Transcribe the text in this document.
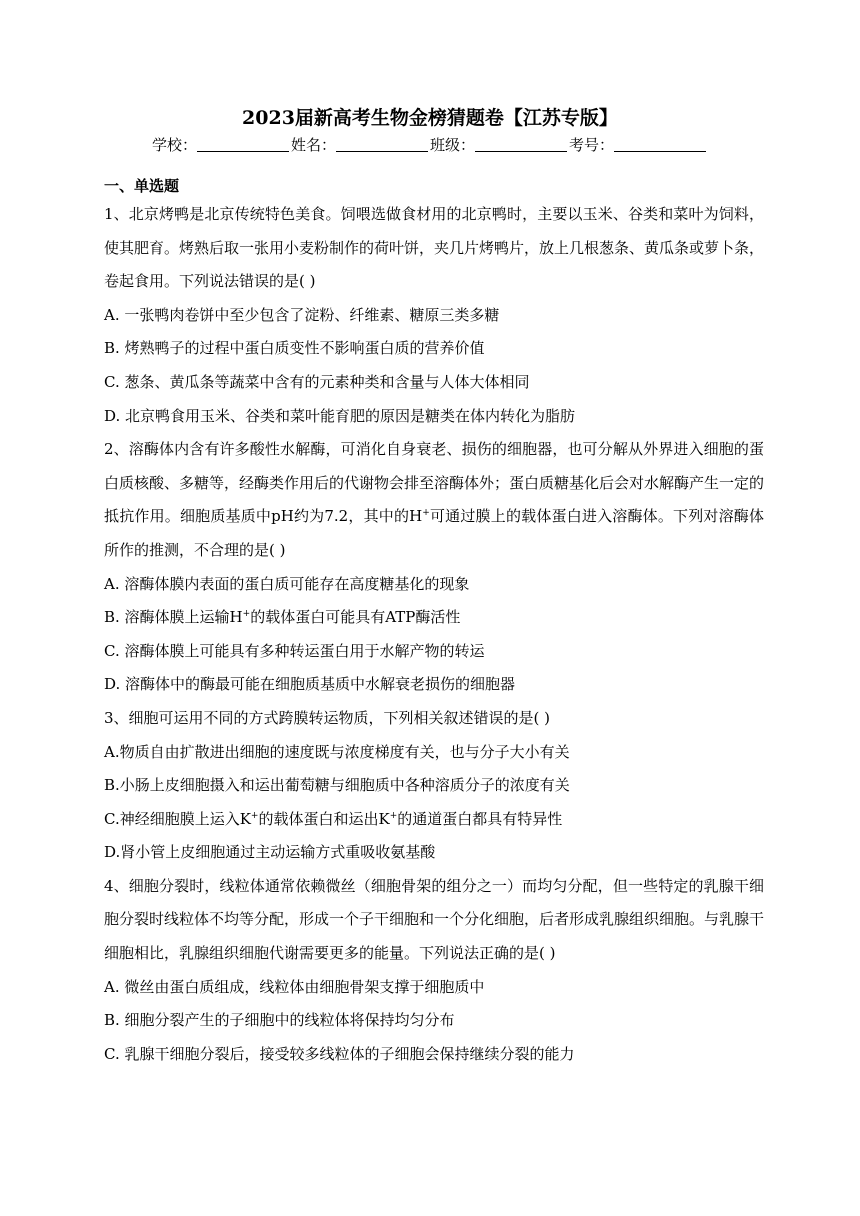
2023届新高考生物金榜猜题卷【江苏专版】
学校：	姓名：	班级：	考号：
一、单选题

1、北京烤鸭是北京传统特色美食。饲喂选做食材用的北京鸭时，主要以玉米、谷类和菜叶为饲料，使其肥育。烤熟后取一张用小麦粉制作的荷叶饼，夹几片烤鸭片，放上几根葱条、黄瓜条或萝卜条，卷起食用。下列说法错误的是( )

A. 一张鸭肉卷饼中至少包含了淀粉、纤维素、糖原三类多糖

B. 烤熟鸭子的过程中蛋白质变性不影响蛋白质的营养价值

C. 葱条、黄瓜条等蔬菜中含有的元素种类和含量与人体大体相同

D. 北京鸭食用玉米、谷类和菜叶能育肥的原因是糖类在体内转化为脂肪

2、溶酶体内含有许多酸性水解酶，可消化自身衰老、损伤的细胞器，也可分解从外界进入细胞的蛋白质核酸、多糖等，经酶类作用后的代谢物会排至溶酶体外；蛋白质糖基化后会对水解酶产生一定的抵抗作用。细胞质基质中pH约为7.2，其中的H+可通过膜上的载体蛋白进入溶酶体。下列对溶酶体所作的推测，不合理的是( )

A. 溶酶体膜内表面的蛋白质可能存在高度糖基化的现象

B. 溶酶体膜上运输H+的载体蛋白可能具有ATP酶活性

C. 溶酶体膜上可能具有多种转运蛋白用于水解产物的转运

D. 溶酶体中的酶最可能在细胞质基质中水解衰老损伤的细胞器

3、细胞可运用不同的方式跨膜转运物质，下列相关叙述错误的是( )

A.物质自由扩散进出细胞的速度既与浓度梯度有关，也与分子大小有关

B.小肠上皮细胞摄入和运出葡萄糖与细胞质中各种溶质分子的浓度有关

C.神经细胞膜上运入K+的载体蛋白和运出K+的通道蛋白都具有特异性

D.肾小管上皮细胞通过主动运输方式重吸收氨基酸

4、细胞分裂时，线粒体通常依赖微丝（细胞骨架的组分之一）而均匀分配，但一些特定的乳腺干细胞分裂时线粒体不均等分配，形成一个子干细胞和一个分化细胞，后者形成乳腺组织细胞。与乳腺干细胞相比，乳腺组织细胞代谢需要更多的能量。下列说法正确的是( )

A. 微丝由蛋白质组成，线粒体由细胞骨架支撑于细胞质中

B. 细胞分裂产生的子细胞中的线粒体将保持均匀分布

C. 乳腺干细胞分裂后，接受较多线粒体的子细胞会保持继续分裂的能力
